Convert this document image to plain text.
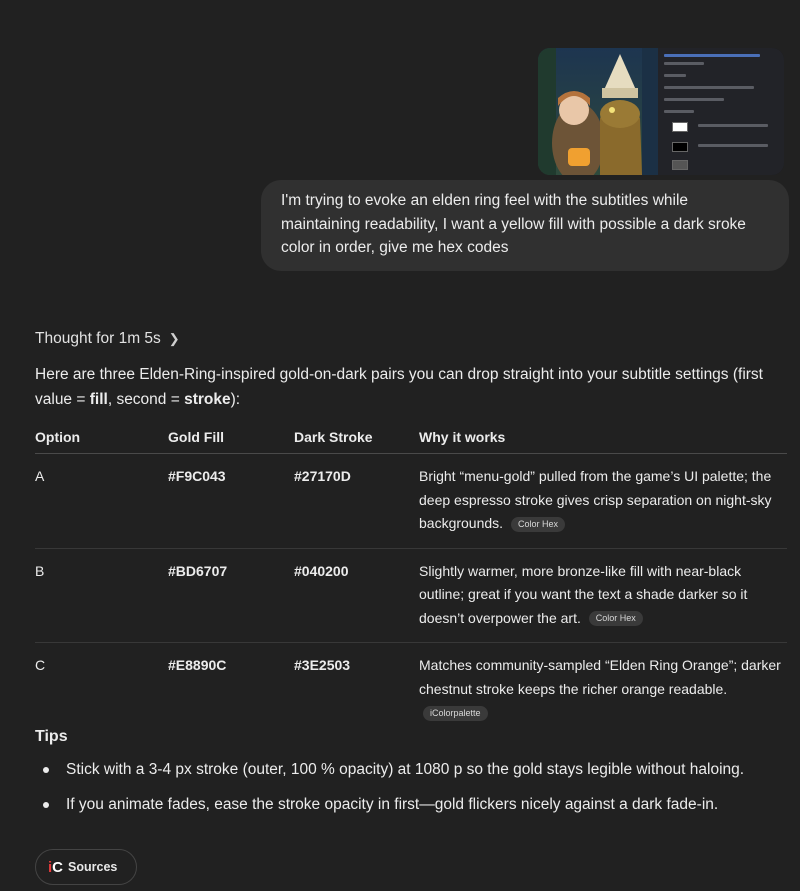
I'm trying to evoke an elden ring feel with the subtitles while maintaining readability, I want a yellow fill with possible a dark sroke color in order, give me hex codes
Thought for 1m 5s ❯
Here are three Elden-Ring-inspired gold-on-dark pairs you can drop straight into your subtitle settings (first value = fill, second = stroke):
Option	Gold Fill	Dark Stroke	Why it works
A	#F9C043	#27170D	Bright “menu-gold” pulled from the game’s UI palette; the deep espresso stroke gives crisp separation on night-sky backgrounds. Color Hex
B	#BD6707	#040200	Slightly warmer, more bronze-like fill with near-black outline; great if you want the text a shade darker so it doesn’t overpower the art. Color Hex
C	#E8890C	#3E2503	Matches community-sampled “Elden Ring Orange”; darker chestnut stroke keeps the richer orange readable. iColorpalette
Tips
Stick with a 3-4 px stroke (outer, 100 % opacity) at 1080 p so the gold stays legible without haloing.
If you animate fades, ease the stroke opacity in first—gold flickers nicely against a dark fade-in.
i C Sources
